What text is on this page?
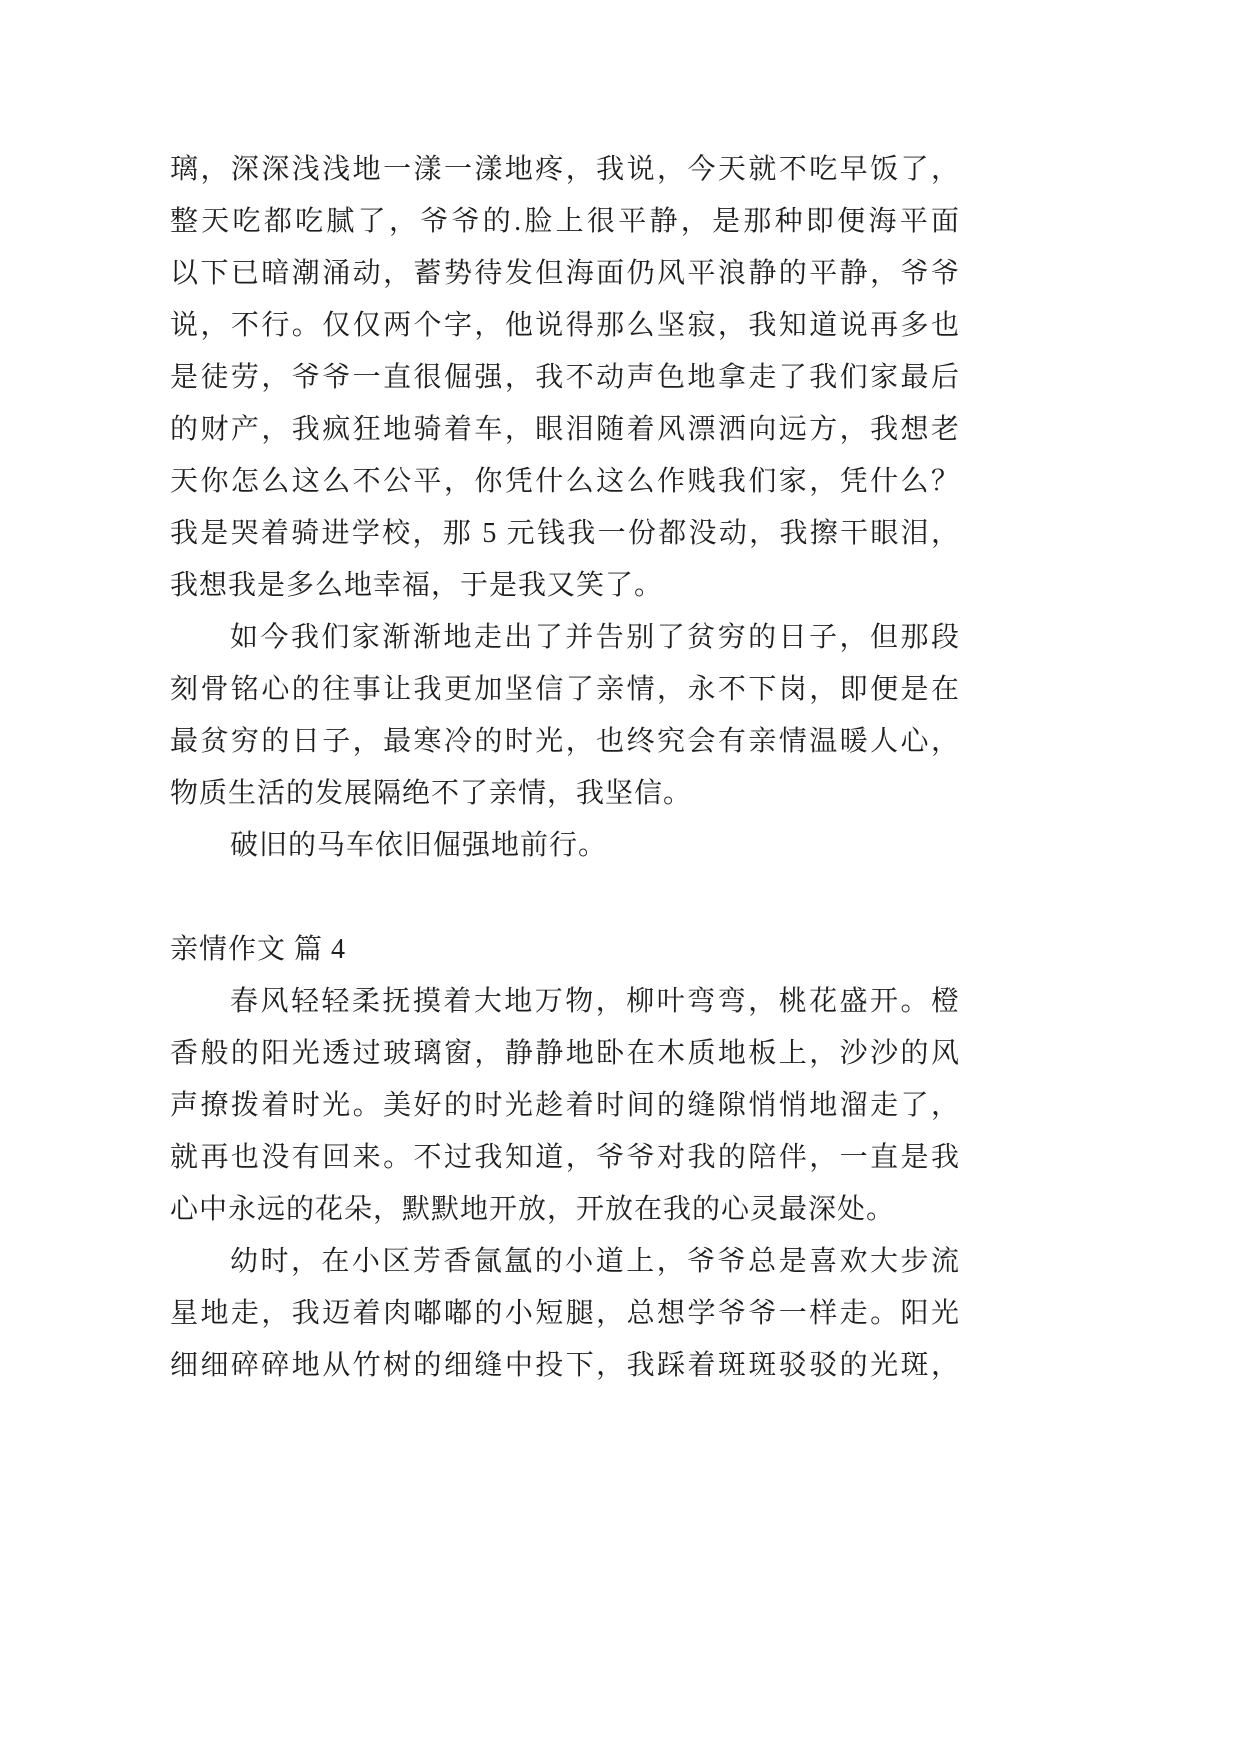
璃，深深浅浅地一漾一漾地疼，我说，今天就不吃早饭了，
整天吃都吃腻了，爷爷的.脸上很平静，是那种即便海平面
以下已暗潮涌动，蓄势待发但海面仍风平浪静的平静，爷爷
说，不行。仅仅两个字，他说得那么坚寂，我知道说再多也
是徒劳，爷爷一直很倔强，我不动声色地拿走了我们家最后
的财产，我疯狂地骑着车，眼泪随着风漂洒向远方，我想老
天你怎么这么不公平，你凭什么这么作贱我们家，凭什么？
我是哭着骑进学校，那 5 元钱我一份都没动，我擦干眼泪，
我想我是多么地幸福，于是我又笑了。
如今我们家渐渐地走出了并告别了贫穷的日子，但那段
刻骨铭心的往事让我更加坚信了亲情，永不下岗，即便是在
最贫穷的日子，最寒冷的时光，也终究会有亲情温暖人心，
物质生活的发展隔绝不了亲情，我坚信。
破旧的马车依旧倔强地前行。
亲情作文 篇 4
春风轻轻柔抚摸着大地万物，柳叶弯弯，桃花盛开。橙
香般的阳光透过玻璃窗，静静地卧在木质地板上，沙沙的风
声撩拨着时光。美好的时光趁着时间的缝隙悄悄地溜走了，
就再也没有回来。不过我知道，爷爷对我的陪伴，一直是我
心中永远的花朵，默默地开放，开放在我的心灵最深处。
幼时，在小区芳香氤氲的小道上，爷爷总是喜欢大步流
星地走，我迈着肉嘟嘟的小短腿，总想学爷爷一样走。阳光
细细碎碎地从竹树的细缝中投下，我踩着斑斑驳驳的光斑，
